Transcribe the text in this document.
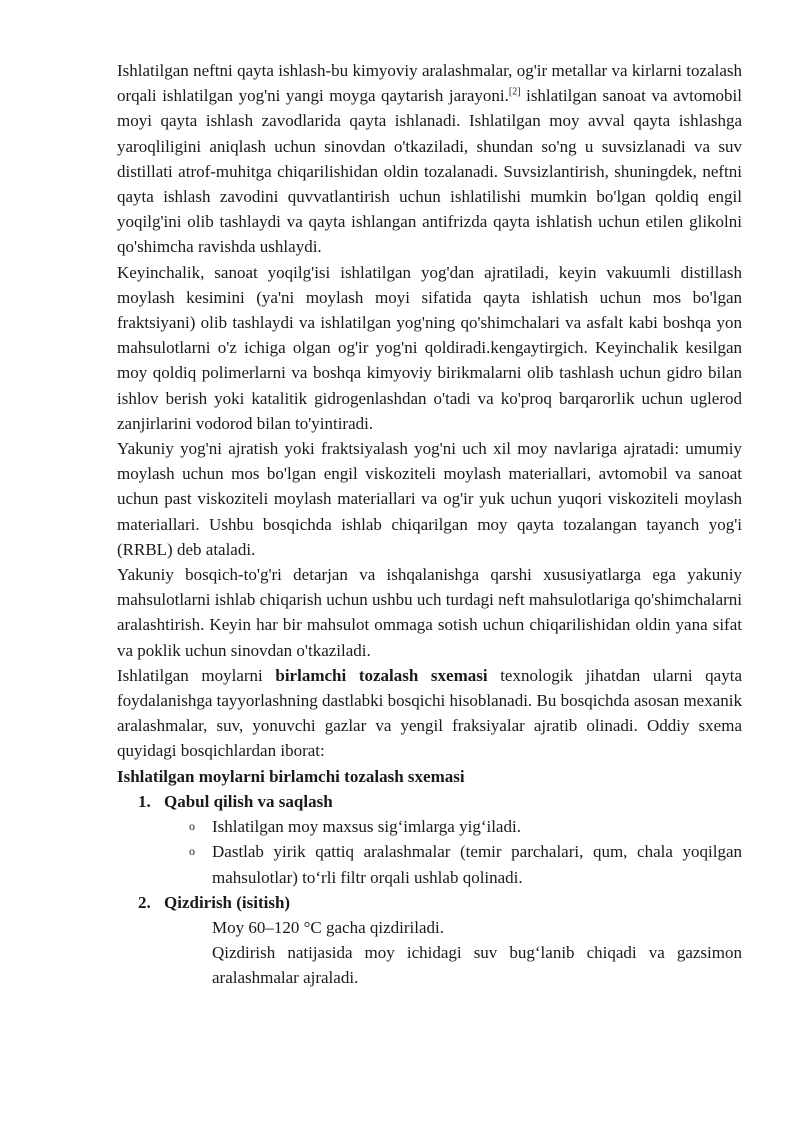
Ishlatilgan neftni qayta ishlash-bu kimyoviy aralashmalar, og'ir metallar va kirlarni tozalash orqali ishlatilgan yog'ni yangi moyga qaytarish jarayoni.[2] ishlatilgan sanoat va avtomobil moyi qayta ishlash zavodlarida qayta ishlanadi. Ishlatilgan moy avval qayta ishlashga yaroqliligini aniqlash uchun sinovdan o'tkaziladi, shundan so'ng u suvsizlanadi va suv distillati atrof-muhitga chiqarilishidan oldin tozalanadi. Suvsizlantirish, shuningdek, neftni qayta ishlash zavodini quvvatlantirish uchun ishlatilishi mumkin bo'lgan qoldiq engil yoqilg'ini olib tashlaydi va qayta ishlangan antifrizda qayta ishlatish uchun etilen glikolni qo'shimcha ravishda ushlaydi.

Keyinchalik, sanoat yoqilg'isi ishlatilgan yog'dan ajratiladi, keyin vakuumli distillash moylash kesimini (ya'ni moylash moyi sifatida qayta ishlatish uchun mos bo'lgan fraktsiyani) olib tashlaydi va ishlatilgan yog'ning qo'shimchalari va asfalt kabi boshqa yon mahsulotlarni o'z ichiga olgan og'ir yog'ni qoldiradi.kengaytirgich. Keyinchalik kesilgan moy qoldiq polimerlarni va boshqa kimyoviy birikmalarni olib tashlash uchun gidro bilan ishlov berish yoki katalitik gidrogenlashdan o'tadi va ko'proq barqarorlik uchun uglerod zanjirlarini vodorod bilan to'yintiradi.

Yakuniy yog'ni ajratish yoki fraktsiyalash yog'ni uch xil moy navlariga ajratadi: umumiy moylash uchun mos bo'lgan engil viskoziteli moylash materiallari, avtomobil va sanoat uchun past viskoziteli moylash materiallari va og'ir yuk uchun yuqori viskoziteli moylash materiallari. Ushbu bosqichda ishlab chiqarilgan moy qayta tozalangan tayanch yog'i (RRBL) deb ataladi.

Yakuniy bosqich-to'g'ri detarjan va ishqalanishga qarshi xususiyatlarga ega yakuniy mahsulotlarni ishlab chiqarish uchun ushbu uch turdagi neft mahsulotlariga qo'shimchalarni aralashtirish. Keyin har bir mahsulot ommaga sotish uchun chiqarilishidan oldin yana sifat va poklik uchun sinovdan o'tkaziladi.

Ishlatilgan moylarni birlamchi tozalash sxemasi texnologik jihatdan ularni qayta foydalanishga tayyorlashning dastlabki bosqichi hisoblanadi. Bu bosqichda asosan mexanik aralashmalar, suv, yonuvchi gazlar va yengil fraksiyalar ajratib olinadi. Oddiy sxema quyidagi bosqichlardan iborat:

Ishlatilgan moylarni birlamchi tozalash sxemasi

1. Qabul qilish va saqlash
o Ishlatilgan moy maxsus sig‘imlarga yig‘iladi.
o Dastlab yirik qattiq aralashmalar (temir parchalari, qum, chala yoqilgan mahsulotlar) to‘rli filtr orqali ushlab qolinadi.
2. Qizdirish (isitish)

Moy 60–120 °C gacha qizdiriladi.

Qizdirish natijasida moy ichidagi suv bug‘lanib chiqadi va gazsimon aralashmalar ajraladi.
